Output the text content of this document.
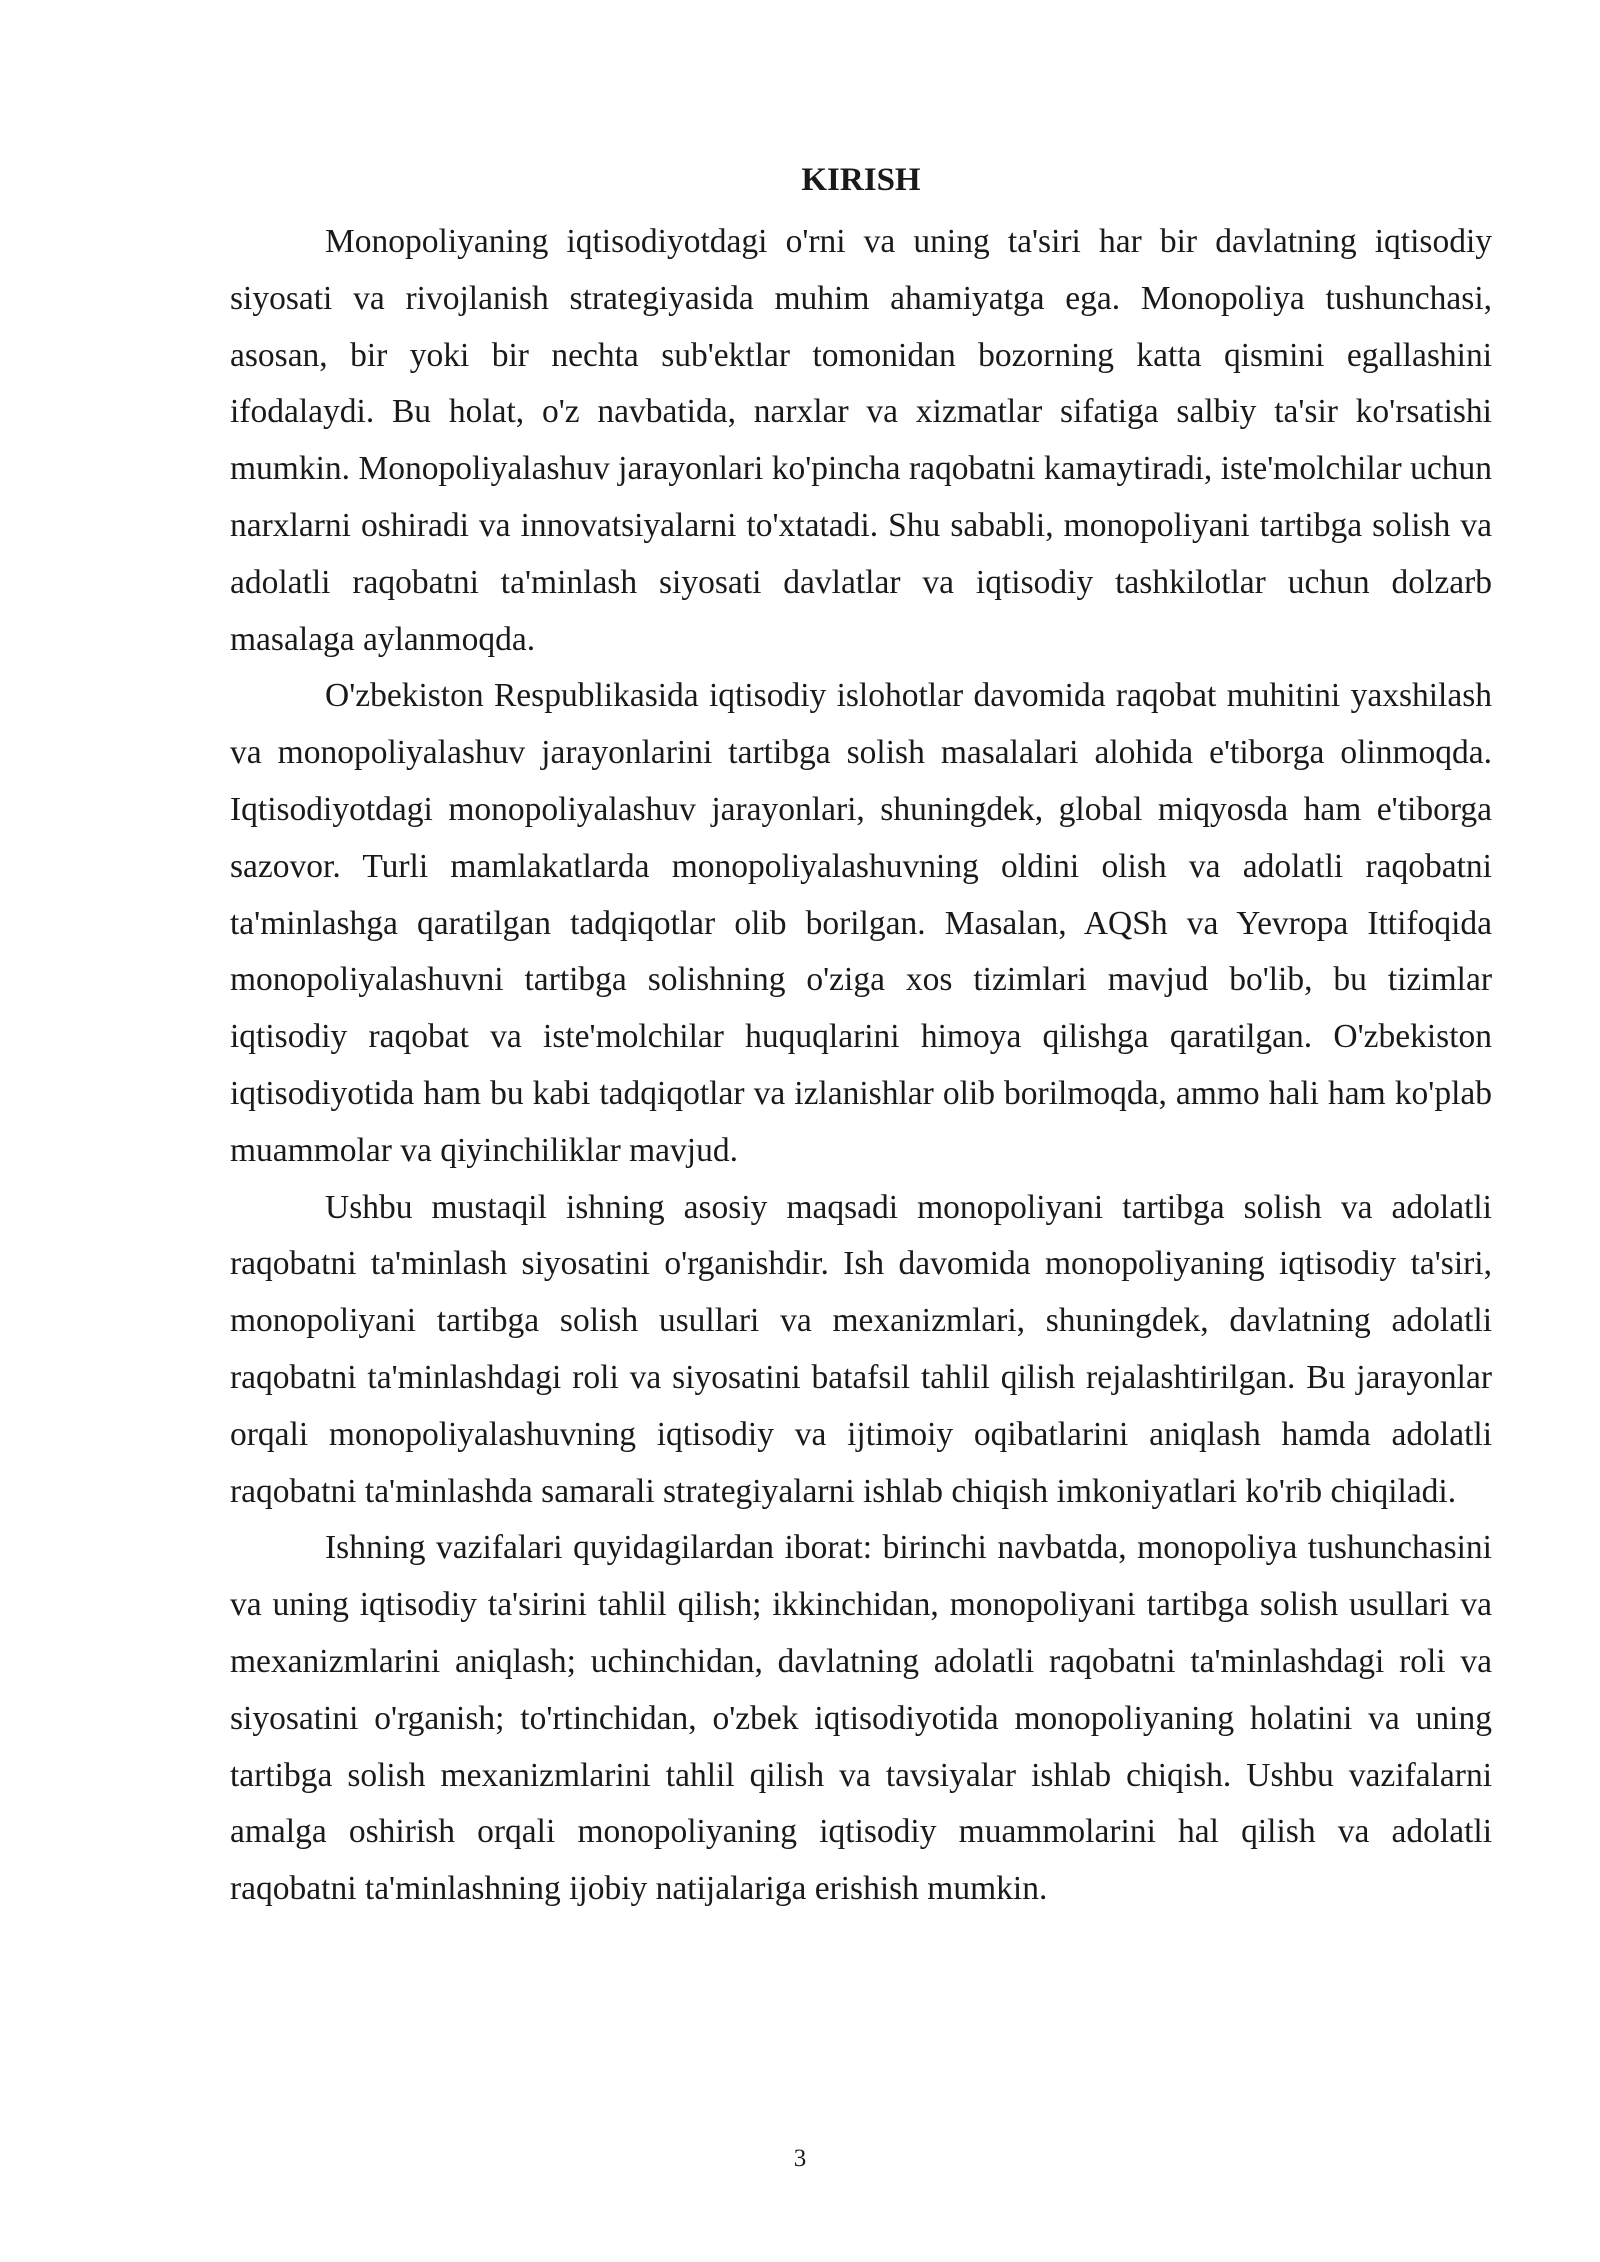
KIRISH

Monopoliyaning iqtisodiyotdagi o'rni va uning ta'siri har bir davlatning iqtisodiy siyosati va rivojlanish strategiyasida muhim ahamiyatga ega. Monopoliya tushunchasi, asosan, bir yoki bir nechta sub'ektlar tomonidan bozorning katta qismini egallashini ifodalaydi. Bu holat, o'z navbatida, narxlar va xizmatlar sifatiga salbiy ta'sir ko'rsatishi mumkin. Monopoliyalashuv jarayonlari ko'pincha raqobatni kamaytiradi, iste'molchilar uchun narxlarni oshiradi va innovatsiyalarni to'xtatadi. Shu sababli, monopoliyani tartibga solish va adolatli raqobatni ta'minlash siyosati davlatlar va iqtisodiy tashkilotlar uchun dolzarb masalaga aylanmoqda.

O'zbekiston Respublikasida iqtisodiy islohotlar davomida raqobat muhitini yaxshilash va monopoliyalashuv jarayonlarini tartibga solish masalalari alohida e'tiborga olinmoqda. Iqtisodiyotdagi monopoliyalashuv jarayonlari, shuningdek, global miqyosda ham e'tiborga sazovor. Turli mamlakatlarda monopoliyalashuvning oldini olish va adolatli raqobatni ta'minlashga qaratilgan tadqiqotlar olib borilgan. Masalan, AQSh va Yevropa Ittifoqida monopoliyalashuvni tartibga solishning o'ziga xos tizimlari mavjud bo'lib, bu tizimlar iqtisodiy raqobat va iste'molchilar huquqlarini himoya qilishga qaratilgan. O'zbekiston iqtisodiyotida ham bu kabi tadqiqotlar va izlanishlar olib borilmoqda, ammo hali ham ko'plab muammolar va qiyinchiliklar mavjud.

Ushbu mustaqil ishning asosiy maqsadi monopoliyani tartibga solish va adolatli raqobatni ta'minlash siyosatini o'rganishdir. Ish davomida monopoliyaning iqtisodiy ta'siri, monopoliyani tartibga solish usullari va mexanizmlari, shuningdek, davlatning adolatli raqobatni ta'minlashdagi roli va siyosatini batafsil tahlil qilish rejalashtirilgan. Bu jarayonlar orqali monopoliyalashuvning iqtisodiy va ijtimoiy oqibatlarini aniqlash hamda adolatli raqobatni ta'minlashda samarali strategiyalarni ishlab chiqish imkoniyatlari ko'rib chiqiladi.

Ishning vazifalari quyidagilardan iborat: birinchi navbatda, monopoliya tushunchasini va uning iqtisodiy ta'sirini tahlil qilish; ikkinchidan, monopoliyani tartibga solish usullari va mexanizmlarini aniqlash; uchinchidan, davlatning adolatli raqobatni ta'minlashdagi roli va siyosatini o'rganish; to'rtinchidan, o'zbek iqtisodiyotida monopoliyaning holatini va uning tartibga solish mexanizmlarini tahlil qilish va tavsiyalar ishlab chiqish. Ushbu vazifalarni amalga oshirish orqali monopoliyaning iqtisodiy muammolarini hal qilish va adolatli raqobatni ta'minlashning ijobiy natijalariga erishish mumkin.

3
